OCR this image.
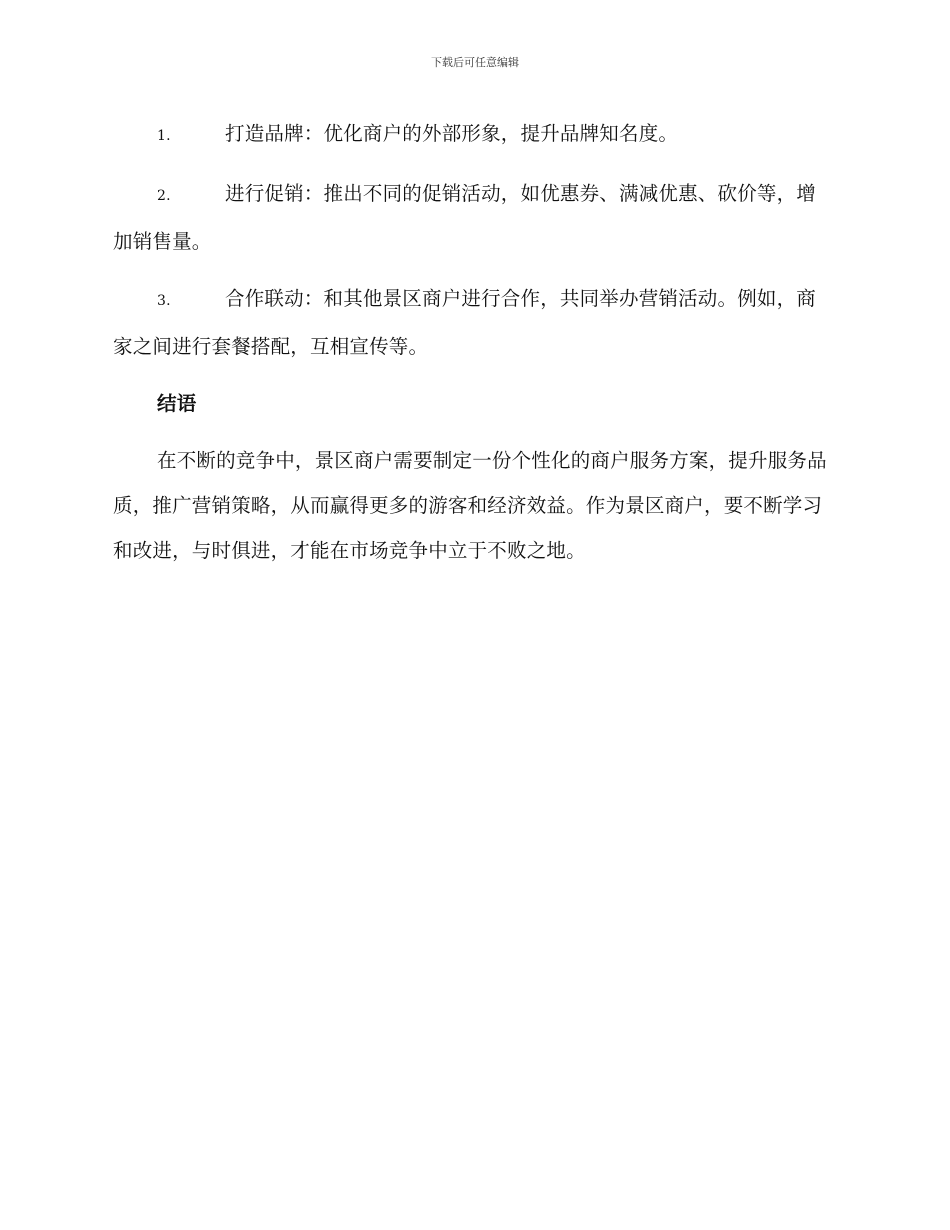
下载后可任意编辑

1.	打造品牌：优化商户的外部形象，提升品牌知名度。

2.	进行促销：推出不同的促销活动，如优惠券、满减优惠、砍价等，增加销售量。

3.	合作联动：和其他景区商户进行合作，共同举办营销活动。例如，商家之间进行套餐搭配，互相宣传等。

结语

在不断的竞争中，景区商户需要制定一份个性化的商户服务方案，提升服务品质，推广营销策略，从而赢得更多的游客和经济效益。作为景区商户，要不断学习和改进，与时俱进，才能在市场竞争中立于不败之地。
